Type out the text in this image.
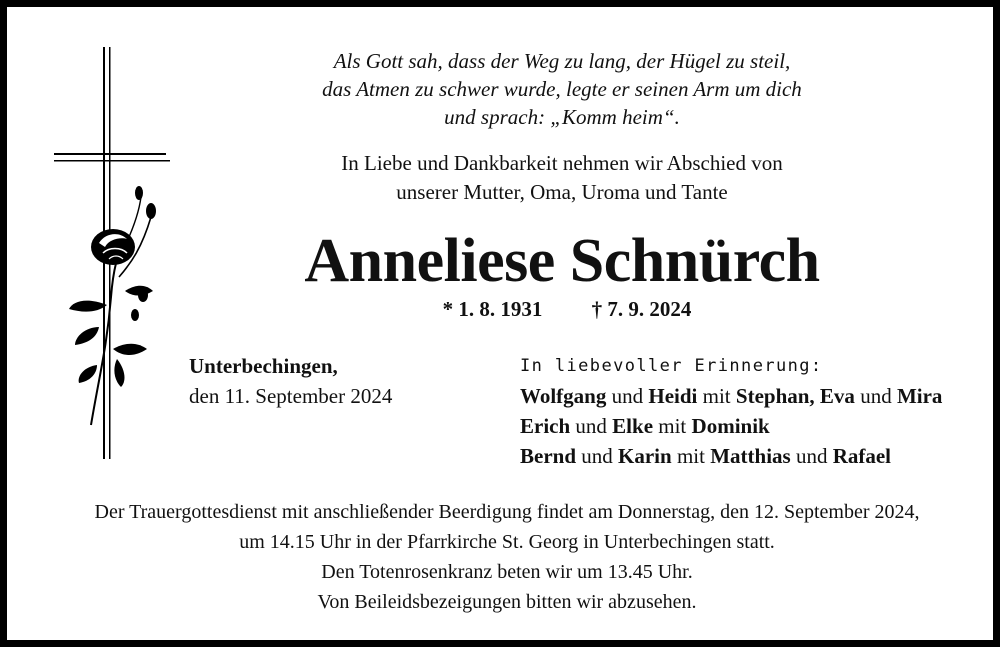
Als Gott sah, dass der Weg zu lang, der Hügel zu steil,
das Atmen zu schwer wurde, legte er seinen Arm um dich
und sprach: „Komm heim“.
In Liebe und Dankbarkeit nehmen wir Abschied von
unserer Mutter, Oma, Uroma und Tante
Anneliese Schnürch
* 1. 8. 1931 † 7. 9. 2024
Unterbechingen,
den 11. September 2024
In liebevoller Erinnerung:
Wolfgang und Heidi mit Stephan, Eva und Mira
Erich und Elke mit Dominik
Bernd und Karin mit Matthias und Rafael
Der Trauergottesdienst mit anschließender Beerdigung findet am Donnerstag, den 12. September 2024,
um 14.15 Uhr in der Pfarrkirche St. Georg in Unterbechingen statt.
Den Totenrosenkranz beten wir um 13.45 Uhr.
Von Beileidsbezeigungen bitten wir abzusehen.
